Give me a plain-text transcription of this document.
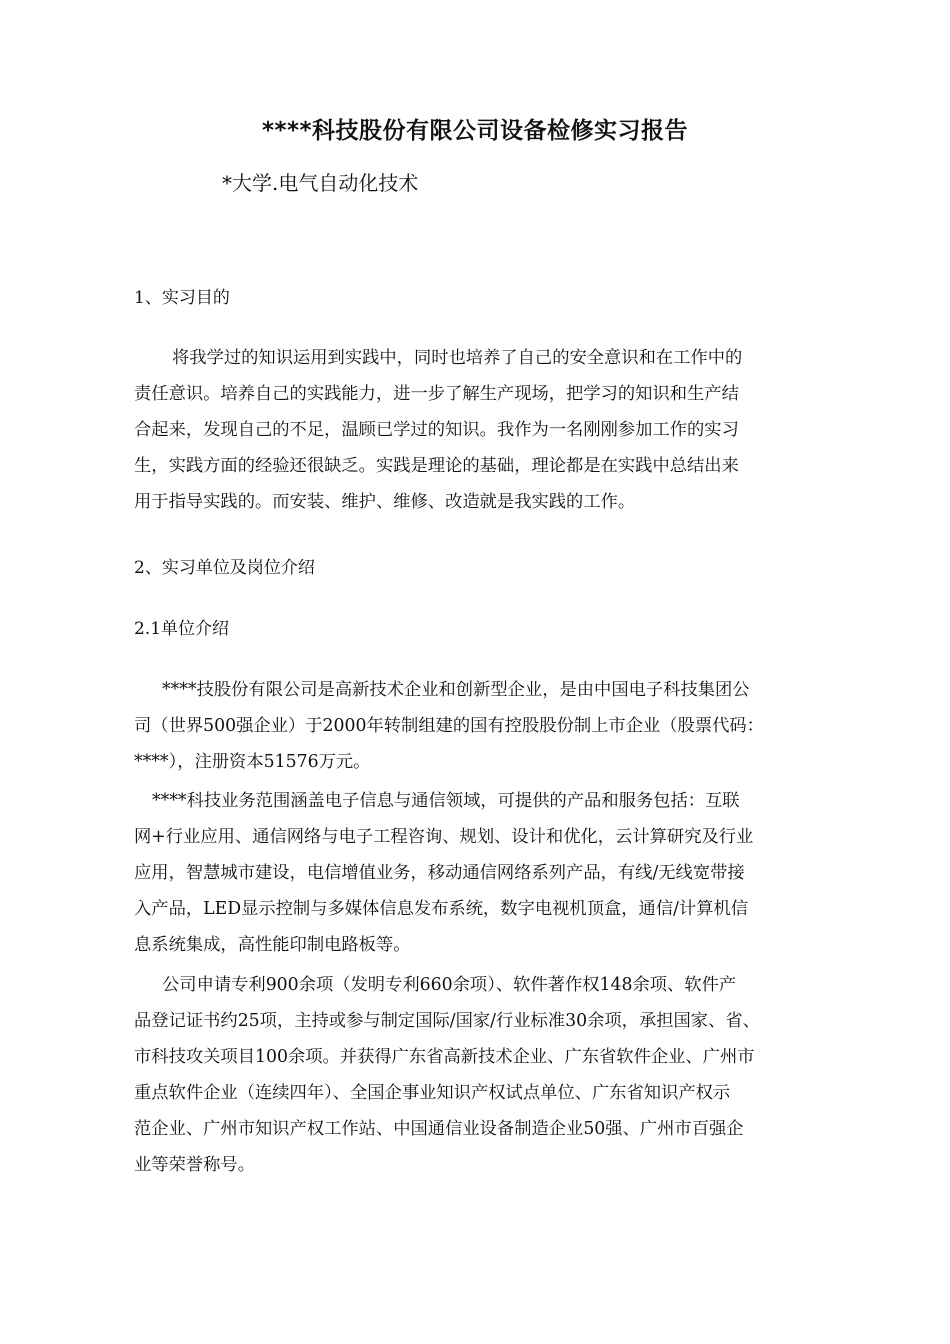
****科技股份有限公司设备检修实习报告
*大学.电气自动化技术
1、实习目的
将我学过的知识运用到实践中，同时也培养了自己的安全意识和在工作中的
责任意识。培养自己的实践能力，进一步了解生产现场，把学习的知识和生产结
合起来，发现自己的不足，温顾已学过的知识。我作为一名刚刚参加工作的实习
生，实践方面的经验还很缺乏。实践是理论的基础，理论都是在实践中总结出来
用于指导实践的。而安装、维护、维修、改造就是我实践的工作。
2、实习单位及岗位介绍
2.1单位介绍
****技股份有限公司是高新技术企业和创新型企业，是由中国电子科技集团公
司（世界500强企业）于2000年转制组建的国有控股股份制上市企业（股票代码：
****），注册资本51576万元。
****科技业务范围涵盖电子信息与通信领域，可提供的产品和服务包括：互联
网+行业应用、通信网络与电子工程咨询、规划、设计和优化，云计算研究及行业
应用，智慧城市建设，电信增值业务，移动通信网络系列产品，有线/无线宽带接
入产品，LED显示控制与多媒体信息发布系统，数字电视机顶盒，通信/计算机信
息系统集成，高性能印制电路板等。
公司申请专利900余项（发明专利660余项）、软件著作权148余项、软件产
品登记证书约25项，主持或参与制定国际/国家/行业标准30余项，承担国家、省、
市科技攻关项目100余项。并获得广东省高新技术企业、广东省软件企业、广州市
重点软件企业（连续四年）、全国企事业知识产权试点单位、广东省知识产权示
范企业、广州市知识产权工作站、中国通信业设备制造企业50强、广州市百强企
业等荣誉称号。
